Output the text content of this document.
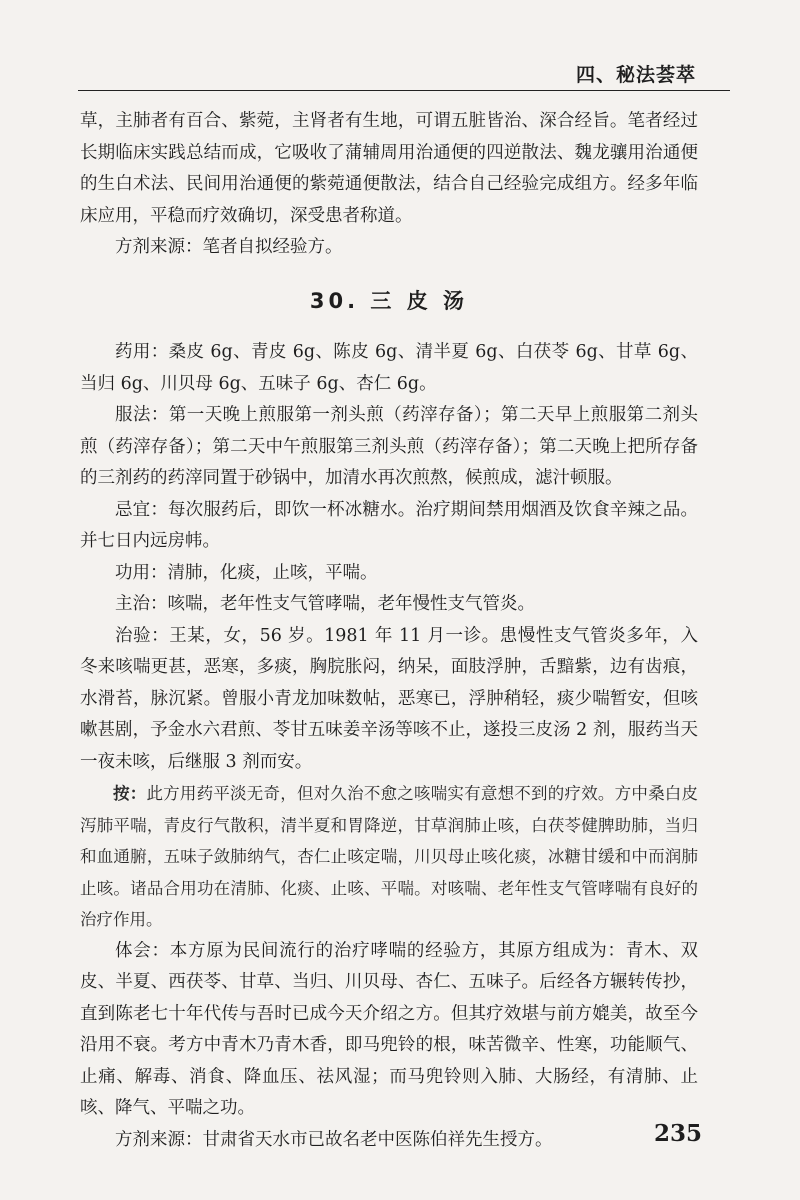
四、秘法荟萃

草，主肺者有百合、紫菀，主肾者有生地，可谓五脏皆治、深合经旨。笔者经过长期临床实践总结而成，它吸收了蒲辅周用治通便的四逆散法、魏龙骧用治通便的生白术法、民间用治通便的紫菀通便散法，结合自己经验完成组方。经多年临床应用，平稳而疗效确切，深受患者称道。

方剂来源：笔者自拟经验方。

30. 三 皮 汤

药用：桑皮 6g、青皮 6g、陈皮 6g、清半夏 6g、白茯苓 6g、甘草 6g、当归 6g、川贝母 6g、五味子 6g、杏仁 6g。

服法：第一天晚上煎服第一剂头煎（药滓存备）；第二天早上煎服第二剂头煎（药滓存备）；第二天中午煎服第三剂头煎（药滓存备）；第二天晚上把所存备的三剂药的药滓同置于砂锅中，加清水再次煎熬，候煎成，滤汁顿服。

忌宜：每次服药后，即饮一杯冰糖水。治疗期间禁用烟酒及饮食辛辣之品。并七日内远房帏。

功用：清肺，化痰，止咳，平喘。

主治：咳喘，老年性支气管哮喘，老年慢性支气管炎。

治验：王某，女，56 岁。1981 年 11 月一诊。患慢性支气管炎多年，入冬来咳喘更甚，恶寒，多痰，胸脘胀闷，纳呆，面肢浮肿，舌黯紫，边有齿痕，水滑苔，脉沉紧。曾服小青龙加味数帖，恶寒已，浮肿稍轻，痰少喘暂安，但咳嗽甚剧，予金水六君煎、苓甘五味姜辛汤等咳不止，遂投三皮汤 2 剂，服药当天一夜未咳，后继服 3 剂而安。

按：此方用药平淡无奇，但对久治不愈之咳喘实有意想不到的疗效。方中桑白皮泻肺平喘，青皮行气散积，清半夏和胃降逆，甘草润肺止咳，白茯苓健脾助肺，当归和血通腑，五味子敛肺纳气，杏仁止咳定喘，川贝母止咳化痰，冰糖甘缓和中而润肺止咳。诸品合用功在清肺、化痰、止咳、平喘。对咳喘、老年性支气管哮喘有良好的治疗作用。

体会：本方原为民间流行的治疗哮喘的经验方，其原方组成为：青木、双皮、半夏、西茯苓、甘草、当归、川贝母、杏仁、五味子。后经各方辗转传抄，直到陈老七十年代传与吾时已成今天介绍之方。但其疗效堪与前方媲美，故至今沿用不衰。考方中青木乃青木香，即马兜铃的根，味苦微辛、性寒，功能顺气、止痛、解毒、消食、降血压、祛风湿；而马兜铃则入肺、大肠经，有清肺、止咳、降气、平喘之功。

方剂来源：甘肃省天水市已故名老中医陈伯祥先生授方。	235
